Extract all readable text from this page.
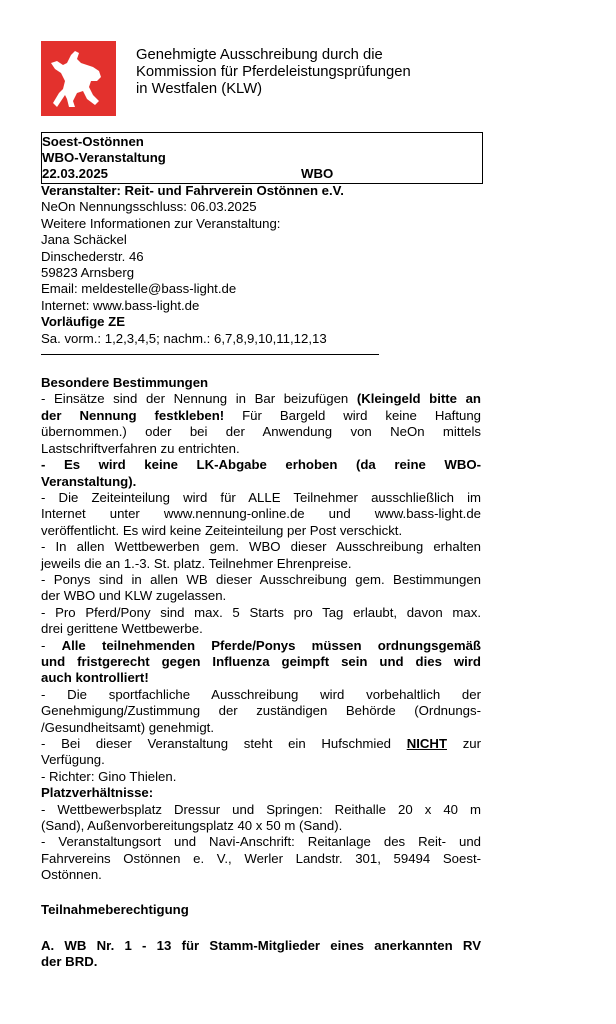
Genehmigte Ausschreibung durch die
Kommission für Pferdeleistungsprüfungen
in Westfalen (KLW)
Soest-Ostönnen
WBO-Veranstaltung
22.03.2025	WBO
Veranstalter: Reit- und Fahrverein Ostönnen e.V.
NeOn Nennungsschluss: 06.03.2025
Weitere Informationen zur Veranstaltung:
Jana Schäckel
Dinschederstr. 46
59823 Arnsberg
Email: meldestelle@bass-light.de
Internet: www.bass-light.de
Vorläufige ZE
Sa. vorm.: 1,2,3,4,5; nachm.: 6,7,8,9,10,11,12,13
Besondere Bestimmungen
- Einsätze sind der Nennung in Bar beizufügen (Kleingeld bitte an
der Nennung festkleben! Für Bargeld wird keine Haftung
übernommen.) oder bei der Anwendung von NeOn mittels
Lastschriftverfahren zu entrichten.
- Es wird keine LK-Abgabe erhoben (da reine WBO-
Veranstaltung).
- Die Zeiteinteilung wird für ALLE Teilnehmer ausschließlich im
Internet unter www.nennung-online.de und www.bass-light.de
veröffentlicht. Es wird keine Zeiteinteilung per Post verschickt.
- In allen Wettbewerben gem. WBO dieser Ausschreibung erhalten
jeweils die an 1.-3. St. platz. Teilnehmer Ehrenpreise.
- Ponys sind in allen WB dieser Ausschreibung gem. Bestimmungen
der WBO und KLW zugelassen.
- Pro Pferd/Pony sind max. 5 Starts pro Tag erlaubt, davon max.
drei gerittene Wettbewerbe.
- Alle teilnehmenden Pferde/Ponys müssen ordnungsgemäß
und fristgerecht gegen Influenza geimpft sein und dies wird
auch kontrolliert!
- Die sportfachliche Ausschreibung wird vorbehaltlich der
Genehmigung/Zustimmung der zuständigen Behörde (Ordnungs-
/Gesundheitsamt) genehmigt.
- Bei dieser Veranstaltung steht ein Hufschmied NICHT zur
Verfügung.
- Richter: Gino Thielen.
Platzverhältnisse:
- Wettbewerbsplatz Dressur und Springen: Reithalle 20 x 40 m
(Sand), Außenvorbereitungsplatz 40 x 50 m (Sand).
- Veranstaltungsort und Navi-Anschrift: Reitanlage des Reit- und
Fahrvereins Ostönnen e. V., Werler Landstr. 301, 59494 Soest-
Ostönnen.
Teilnahmeberechtigung
A. WB Nr. 1 - 13 für Stamm-Mitglieder eines anerkannten RV
der BRD.
